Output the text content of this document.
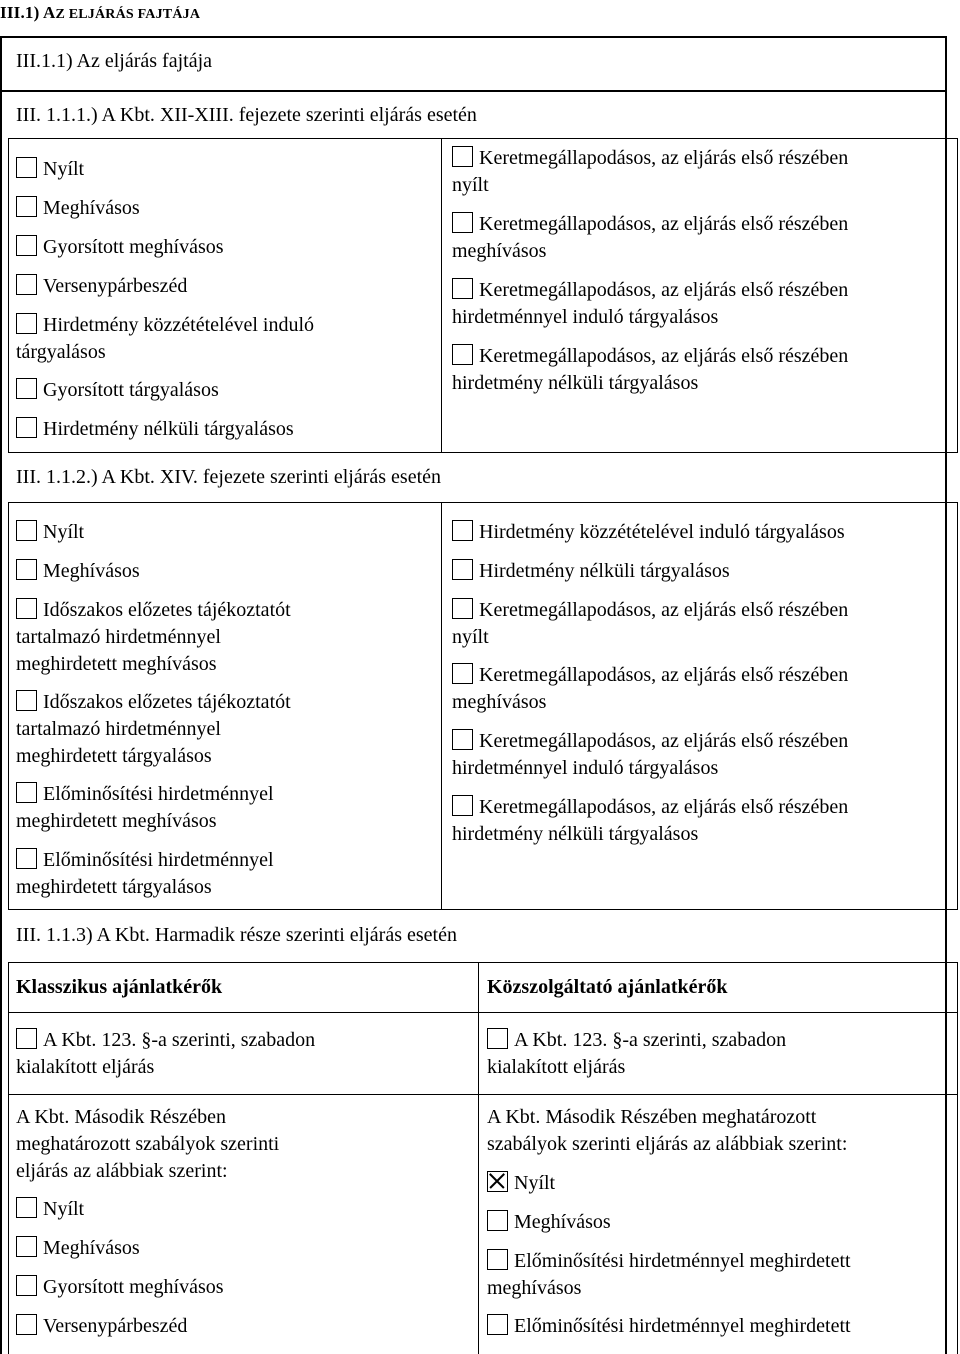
III.1) AZ ELJÁRÁS FAJTÁJA
III.1.1) Az eljárás fajtája
III. 1.1.1.) A Kbt. XII-XIII. fejezete szerinti eljárás esetén
Nyílt
Meghívásos
Gyorsított meghívásos
Versenypárbeszéd
Hirdetmény közzétételével induló
tárgyalásos
Gyorsított tárgyalásos
Hirdetmény nélküli tárgyalásos
Keretmegállapodásos, az eljárás első részében
nyílt
Keretmegállapodásos, az eljárás első részében
meghívásos
Keretmegállapodásos, az eljárás első részében
hirdetménnyel induló tárgyalásos
Keretmegállapodásos, az eljárás első részében
hirdetmény nélküli tárgyalásos
III. 1.1.2.) A Kbt. XIV. fejezete szerinti eljárás esetén
Nyílt
Meghívásos
Időszakos előzetes tájékoztatót
tartalmazó hirdetménnyel
meghirdetett meghívásos
Időszakos előzetes tájékoztatót
tartalmazó hirdetménnyel
meghirdetett tárgyalásos
Előminősítési hirdetménnyel
meghirdetett meghívásos
Előminősítési hirdetménnyel
meghirdetett tárgyalásos
Hirdetmény közzétételével induló tárgyalásos
Hirdetmény nélküli tárgyalásos
Keretmegállapodásos, az eljárás első részében
nyílt
Keretmegállapodásos, az eljárás első részében
meghívásos
Keretmegállapodásos, az eljárás első részében
hirdetménnyel induló tárgyalásos
Keretmegállapodásos, az eljárás első részében
hirdetmény nélküli tárgyalásos
III. 1.1.3) A Kbt. Harmadik része szerinti eljárás esetén
Klasszikus ajánlatkérők	Közszolgáltató ajánlatkérők
A Kbt. 123. §-a szerinti, szabadon
kialakított eljárás
A Kbt. 123. §-a szerinti, szabadon
kialakított eljárás
A Kbt. Második Részében
meghatározott szabályok szerinti
eljárás az alábbiak szerint:
A Kbt. Második Részében meghatározott
szabályok szerinti eljárás az alábbiak szerint:
Nyílt
Meghívásos
Gyorsított meghívásos
Versenypárbeszéd
Nyílt
Meghívásos
Előminősítési hirdetménnyel meghirdetett
meghívásos
Előminősítési hirdetménnyel meghirdetett
